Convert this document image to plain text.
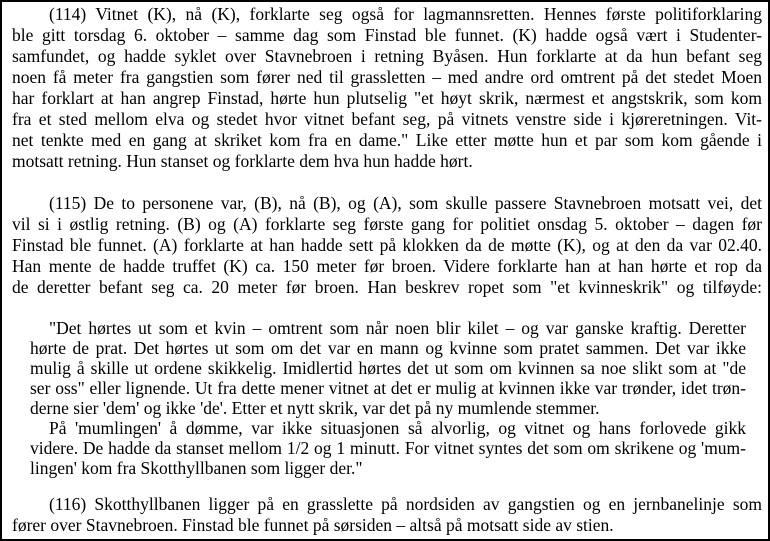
(114) Vitnet (K), nå (K), forklarte seg også for lagmannsretten. Hennes første politiforklaring
ble gitt torsdag 6. oktober – samme dag som Finstad ble funnet. (K) hadde også vært i Studenter-
samfundet, og hadde syklet over Stavnebroen i retning Byåsen. Hun forklarte at da hun befant seg
noen få meter fra gangstien som fører ned til grassletten – med andre ord omtrent på det stedet Moen
har forklart at han angrep Finstad, hørte hun plutselig "et høyt skrik, nærmest et angstskrik, som kom
fra et sted mellom elva og stedet hvor vitnet befant seg, på vitnets venstre side i kjøreretningen. Vit-
net tenkte med en gang at skriket kom fra en dame." Like etter møtte hun et par som kom gående i
motsatt retning. Hun stanset og forklarte dem hva hun hadde hørt.
(115) De to personene var, (B), nå (B), og (A), som skulle passere Stavnebroen motsatt vei, det
vil si i østlig retning. (B) og (A) forklarte seg første gang for politiet onsdag 5. oktober – dagen før
Finstad ble funnet. (A) forklarte at han hadde sett på klokken da de møtte (K), og at den da var 02.40.
Han mente de hadde truffet (K) ca. 150 meter før broen. Videre forklarte han at han hørte et rop da
de deretter befant seg ca. 20 meter før broen. Han beskrev ropet som "et kvinneskrik" og tilføyde:
"Det hørtes ut som et kvin – omtrent som når noen blir kilet – og var ganske kraftig. Deretter
hørte de prat. Det hørtes ut som om det var en mann og kvinne som pratet sammen. Det var ikke
mulig å skille ut ordene skikkelig. Imidlertid hørtes det ut som om kvinnen sa noe slikt som at "de
ser oss" eller lignende. Ut fra dette mener vitnet at det er mulig at kvinnen ikke var trønder, idet trøn-
derne sier 'dem' og ikke 'de'. Etter et nytt skrik, var det på ny mumlende stemmer.
På 'mumlingen' å dømme, var ikke situasjonen så alvorlig, og vitnet og hans forlovede gikk
videre. De hadde da stanset mellom 1/2 og 1 minutt. For vitnet syntes det som om skrikene og 'mum-
lingen' kom fra Skotthyllbanen som ligger der."
(116) Skotthyllbanen ligger på en grasslette på nordsiden av gangstien og en jernbanelinje som
fører over Stavnebroen. Finstad ble funnet på sørsiden – altså på motsatt side av stien.
